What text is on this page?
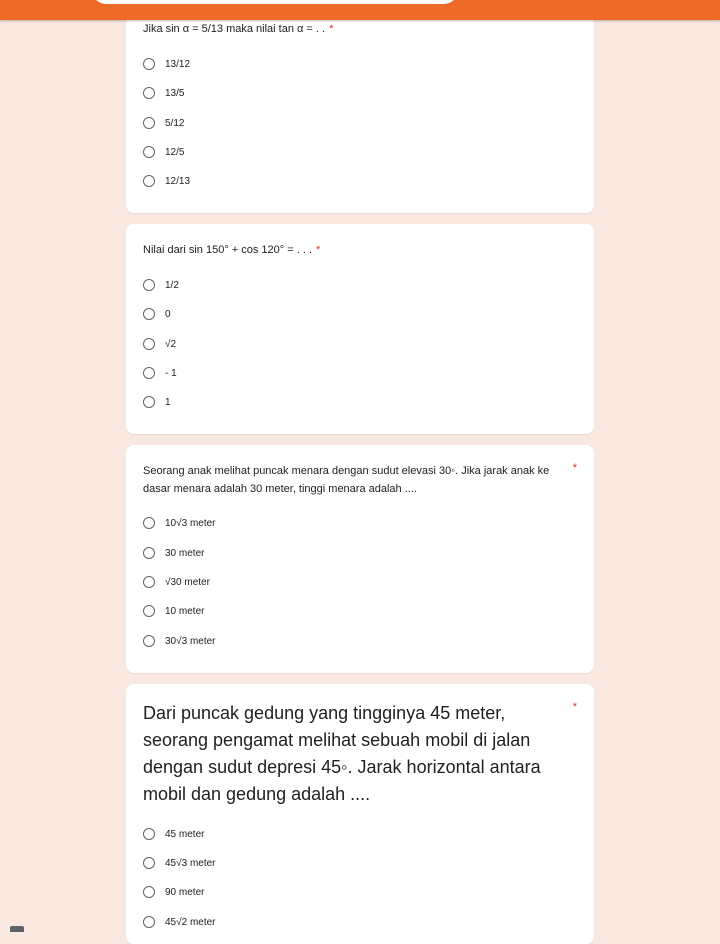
Jika sin α = 5/13 maka nilai tan α = . . *
13/12
13/5
5/12
12/5
12/13
Nilai dari sin 150° + cos 120° = . . . *
1/2
0
√2
- 1
1
Seorang anak melihat puncak menara dengan sudut elevasi 30◦. Jika jarak anak ke dasar menara adalah 30 meter, tinggi menara adalah ....
*
10√3 meter
30 meter
√30 meter
10 meter
30√3 meter
Dari puncak gedung yang tingginya 45 meter, seorang pengamat melihat sebuah mobil di jalan dengan sudut depresi 45◦. Jarak horizontal antara mobil dan gedung adalah ....
*
45 meter
45√3 meter
90 meter
45√2 meter
